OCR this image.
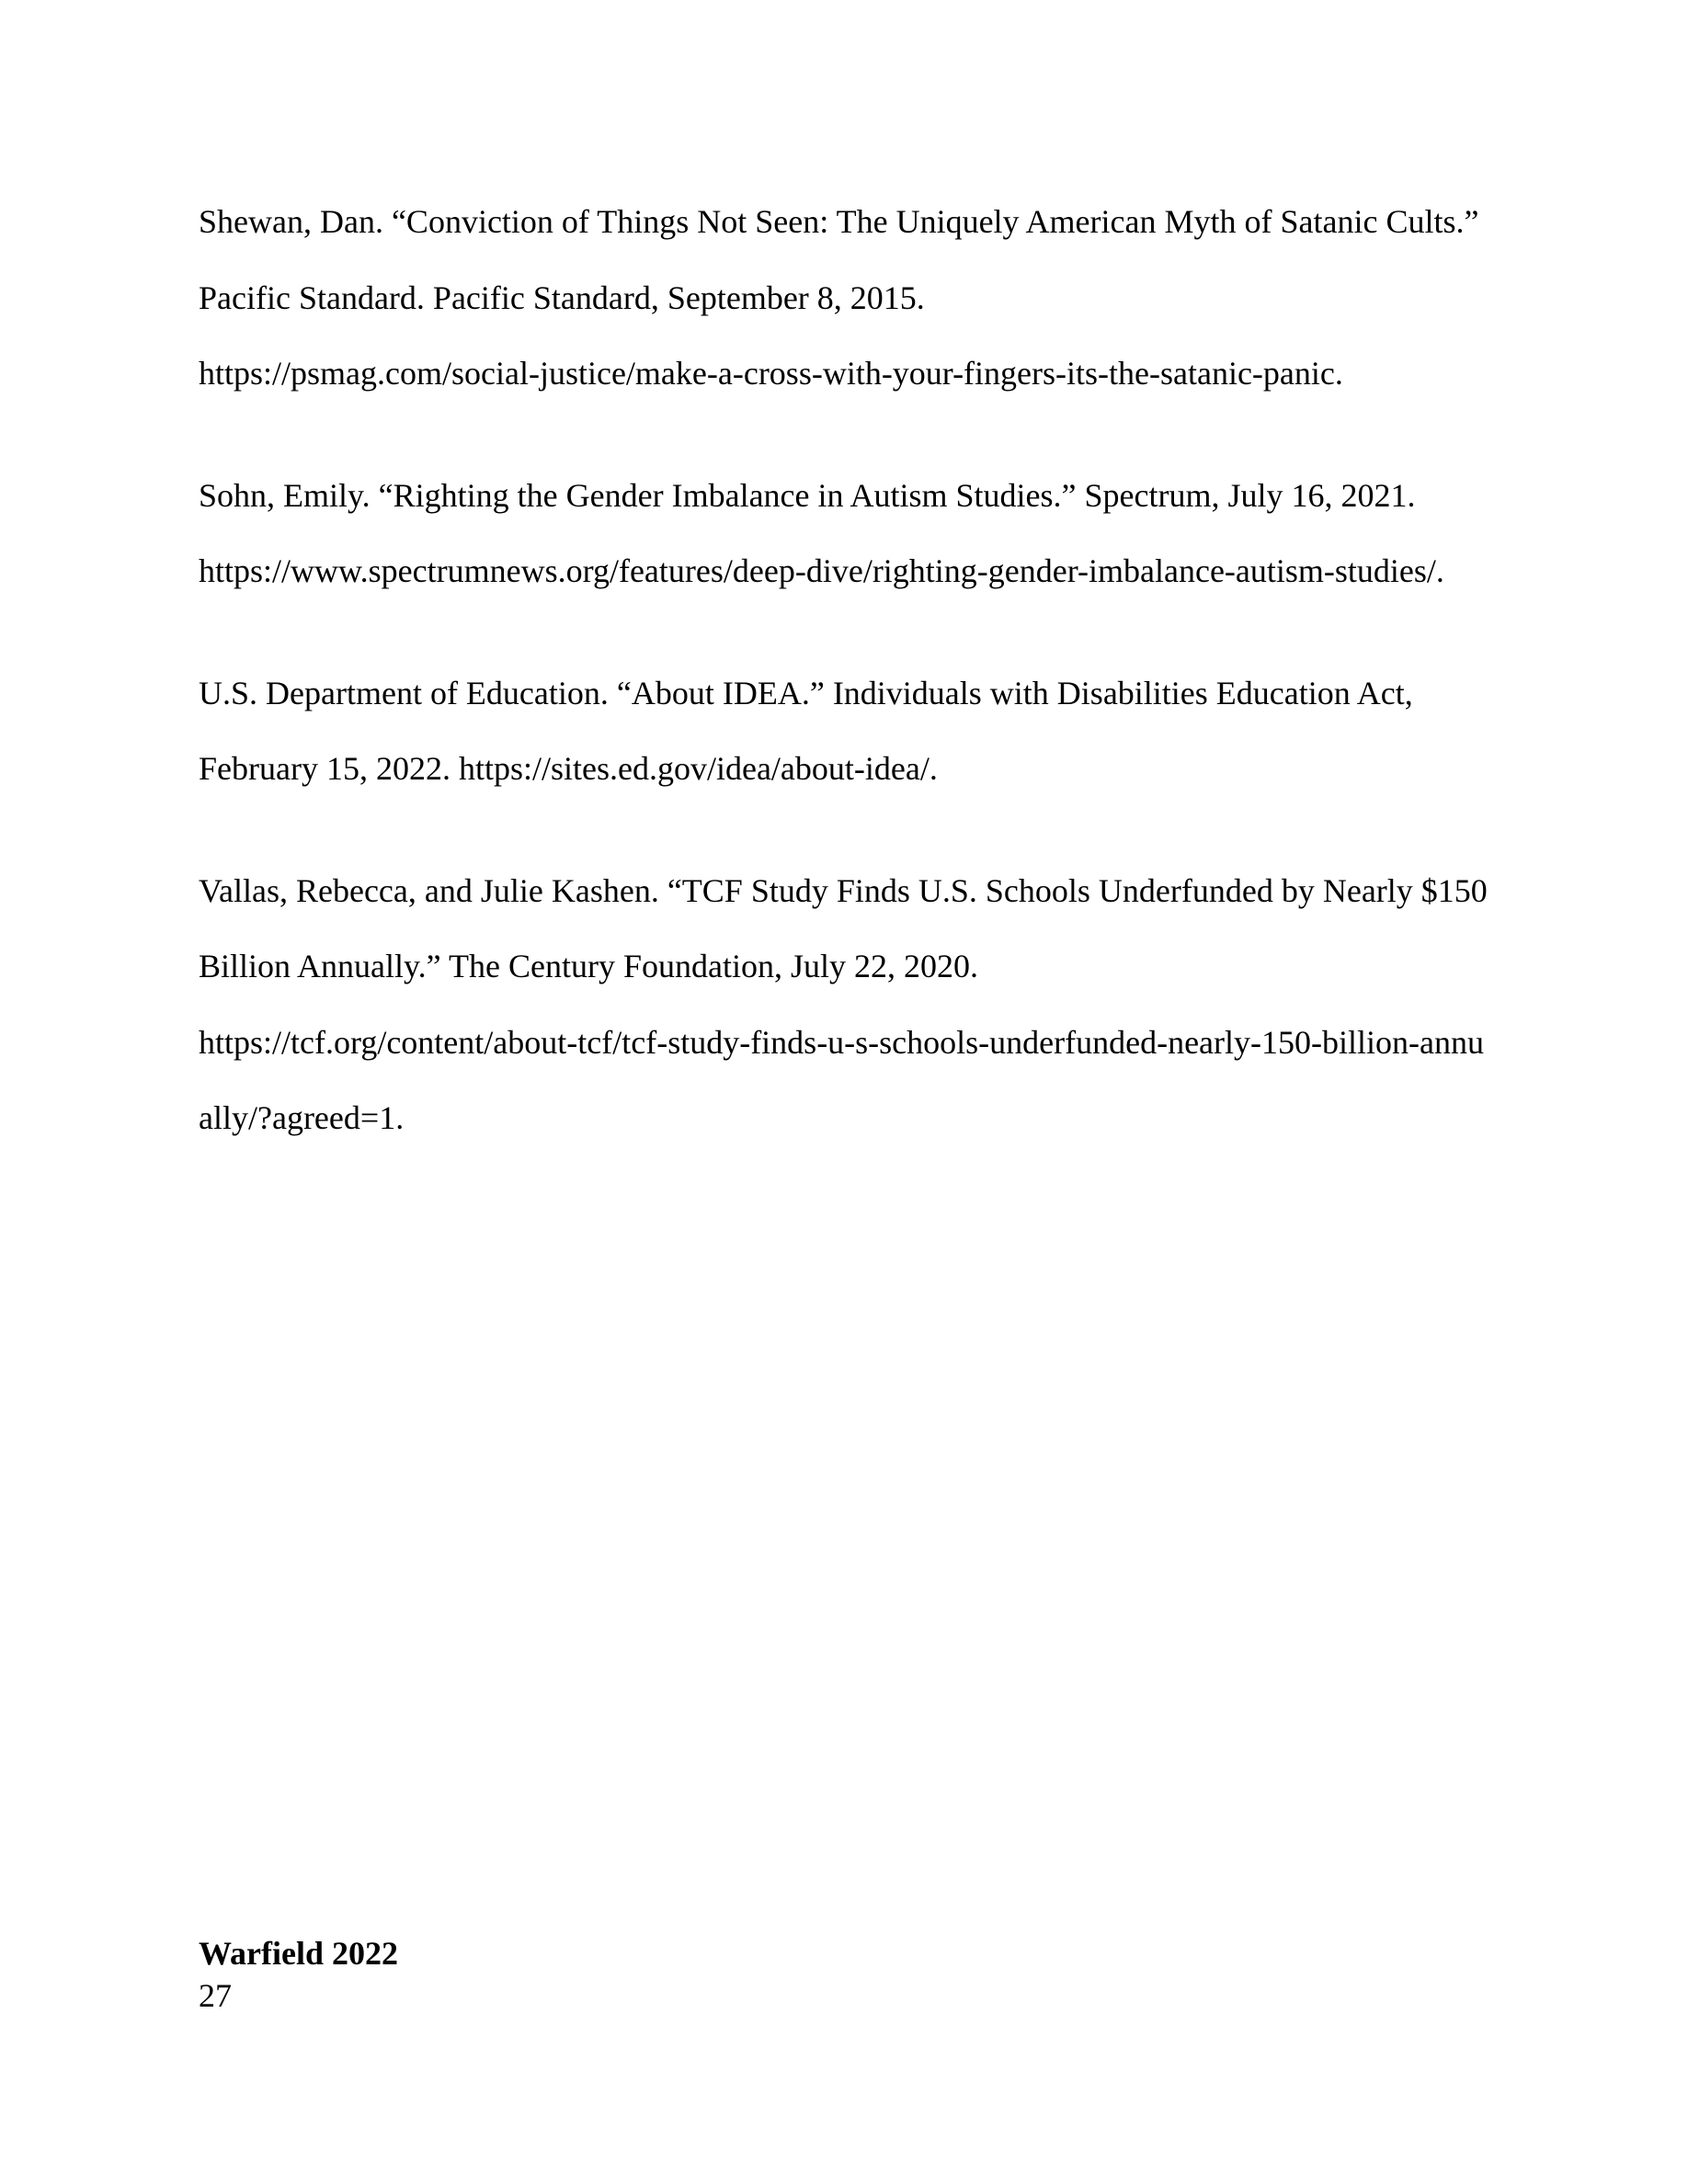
Shewan, Dan. “Conviction of Things Not Seen: The Uniquely American Myth of Satanic Cults.”
Pacific Standard. Pacific Standard, September 8, 2015.
https://psmag.com/social-justice/make-a-cross-with-your-fingers-its-the-satanic-panic.
Sohn, Emily. “Righting the Gender Imbalance in Autism Studies.” Spectrum, July 16, 2021.
https://www.spectrumnews.org/features/deep-dive/righting-gender-imbalance-autism-studies/.
U.S. Department of Education. “About IDEA.” Individuals with Disabilities Education Act,
February 15, 2022. https://sites.ed.gov/idea/about-idea/.
Vallas, Rebecca, and Julie Kashen. “TCF Study Finds U.S. Schools Underfunded by Nearly $150
Billion Annually.” The Century Foundation, July 22, 2020.
https://tcf.org/content/about-tcf/tcf-study-finds-u-s-schools-underfunded-nearly-150-billion-annu
ally/?agreed=1.
Warfield 2022
27
